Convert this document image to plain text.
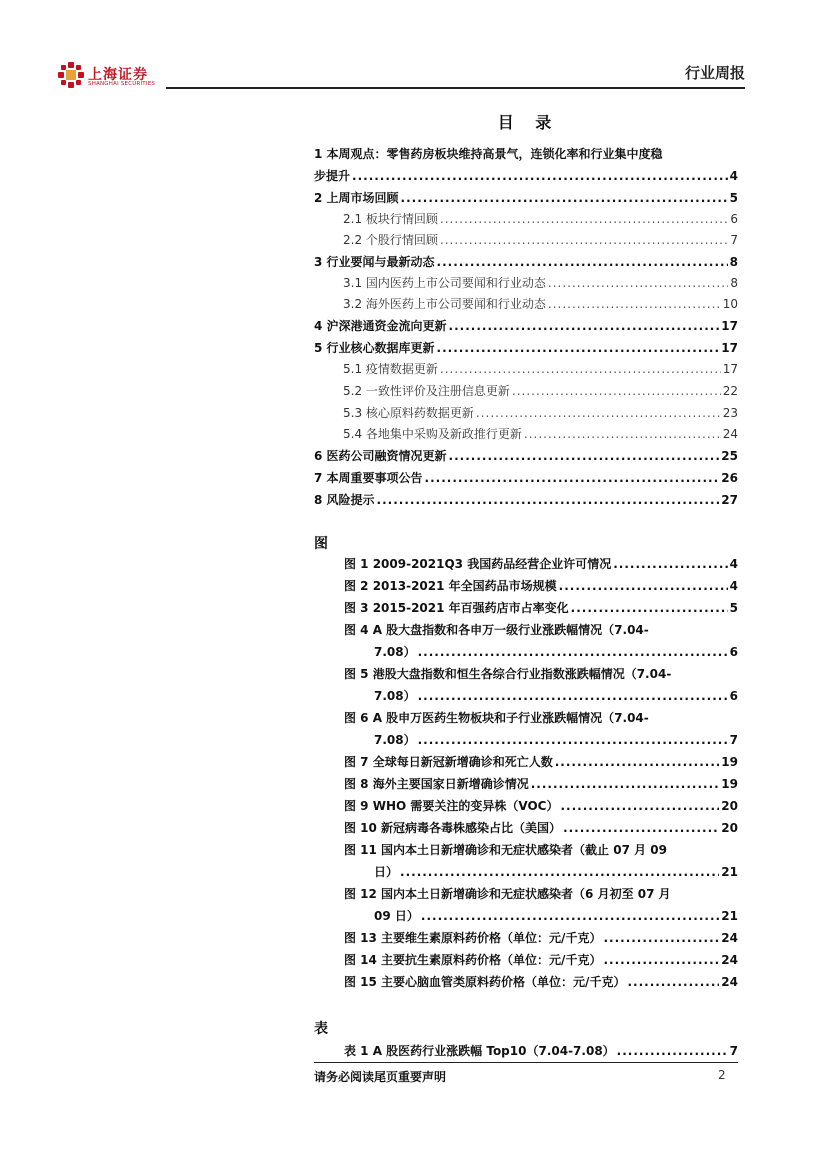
上海证券
SHANGHAI SECURITIES
行业周报
目 录
1 本周观点：零售药房板块维持高景气，连锁化率和行业集中度稳
步提升 .....	4
2 上周市场回顾 .....	5
2.1 板块行情回顾 .....	6
2.2 个股行情回顾 .....	7
3 行业要闻与最新动态 .....	8
3.1 国内医药上市公司要闻和行业动态 .....	8
3.2 海外医药上市公司要闻和行业动态 .....	10
4 沪深港通资金流向更新 .....	17
5 行业核心数据库更新 .....	17
5.1 疫情数据更新 .....	17
5.2 一致性评价及注册信息更新 .....	22
5.3 核心原料药数据更新 .....	23
5.4 各地集中采购及新政推行更新 .....	24
6 医药公司融资情况更新 .....	25
7 本周重要事项公告 .....	26
8 风险提示 .....	27
图
图 1 2009-2021Q3 我国药品经营企业许可情况 .....	4
图 2 2013-2021 年全国药品市场规模 .....	4
图 3 2015-2021 年百强药店市占率变化 .....	5
图 4 A 股大盘指数和各申万一级行业涨跌幅情况（7.04-
7.08） .....	6
图 5 港股大盘指数和恒生各综合行业指数涨跌幅情况（7.04-
7.08） .....	6
图 6 A 股申万医药生物板块和子行业涨跌幅情况（7.04-
7.08） .....	7
图 7 全球每日新冠新增确诊和死亡人数 .....	19
图 8 海外主要国家日新增确诊情况 .....	19
图 9 WHO 需要关注的变异株（VOC） .....	20
图 10 新冠病毒各毒株感染占比（美国） .....	20
图 11 国内本土日新增确诊和无症状感染者（截止 07 月 09
日） .....	21
图 12 国内本土日新增确诊和无症状感染者（6 月初至 07 月
09 日） .....	21
图 13 主要维生素原料药价格（单位：元/千克） .....	24
图 14 主要抗生素原料药价格（单位：元/千克） .....	24
图 15 主要心脑血管类原料药价格（单位：元/千克） .....	24
表
表 1 A 股医药行业涨跌幅 Top10（7.04-7.08） .....	7
请务必阅读尾页重要声明	2
